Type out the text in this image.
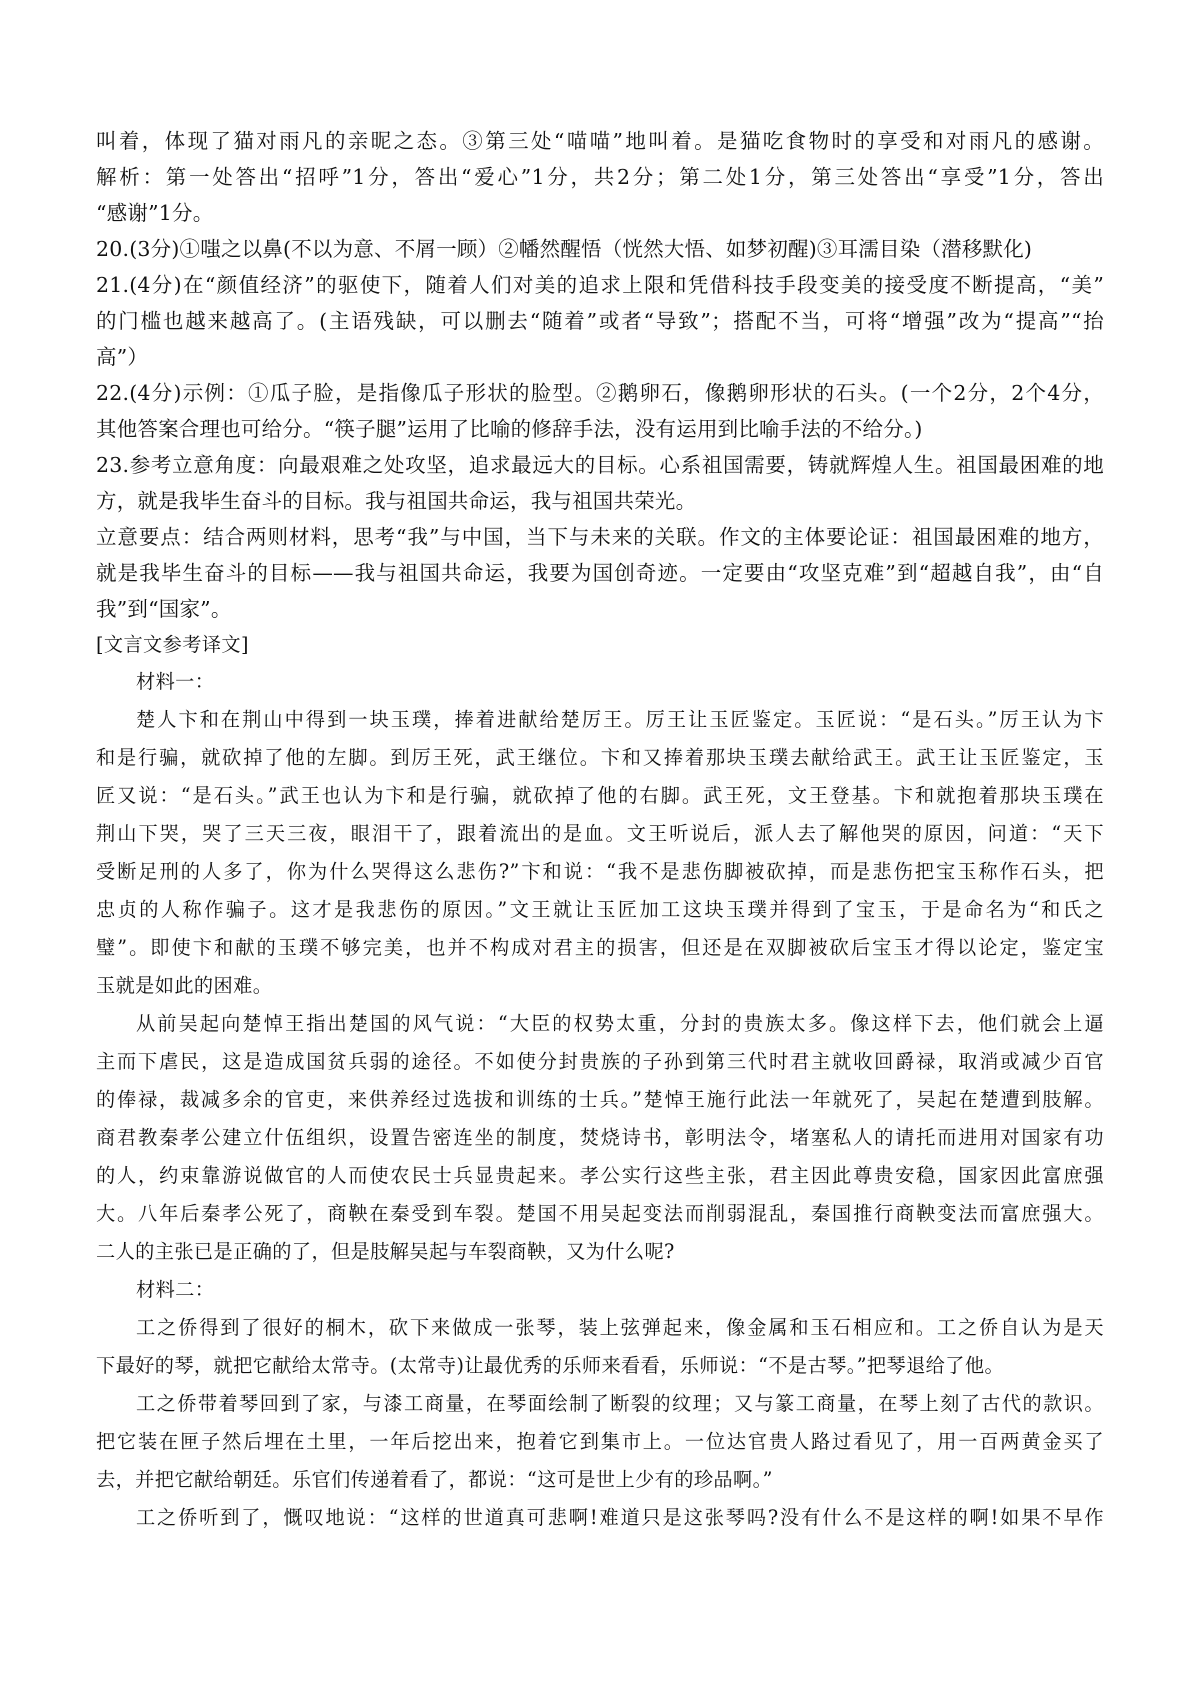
叫着，体现了猫对雨凡的亲昵之态。③第三处“喵喵”地叫着。是猫吃食物时的享受和对雨凡的感谢。
解析：第一处答出“招呼”1分，答出“爱心”1分，共2分；第二处1分，第三处答出“享受”1分，答出
“感谢”1分。
20.(3分)①嗤之以鼻(不以为意、不屑一顾）②幡然醒悟（恍然大悟、如梦初醒)③耳濡目染（潜移默化)
21.(4分)在“颜值经济”的驱使下，随着人们对美的追求上限和凭借科技手段变美的接受度不断提高，“美”
的门槛也越来越高了。(主语残缺，可以删去“随着”或者“导致”；搭配不当，可将“增强”改为“提高”“抬
高”）
22.(4分)示例：①瓜子脸，是指像瓜子形状的脸型。②鹅卵石，像鹅卵形状的石头。(一个2分，2个4分，
其他答案合理也可给分。“筷子腿”运用了比喻的修辞手法，没有运用到比喻手法的不给分。)
23.参考立意角度：向最艰难之处攻坚，追求最远大的目标。心系祖国需要，铸就辉煌人生。祖国最困难的地
方，就是我毕生奋斗的目标。我与祖国共命运，我与祖国共荣光。
立意要点：结合两则材料，思考“我”与中国，当下与未来的关联。作文的主体要论证：祖国最困难的地方，
就是我毕生奋斗的目标——我与祖国共命运，我要为国创奇迹。一定要由“攻坚克难”到“超越自我”，由“自
我”到“国家”。
[文言文参考译文]
材料一：
楚人卞和在荆山中得到一块玉璞，捧着进献给楚厉王。厉王让玉匠鉴定。玉匠说：“是石头。”厉王认为卞
和是行骗，就砍掉了他的左脚。到厉王死，武王继位。卞和又捧着那块玉璞去献给武王。武王让玉匠鉴定，玉
匠又说：“是石头。”武王也认为卞和是行骗，就砍掉了他的右脚。武王死，文王登基。卞和就抱着那块玉璞在
荆山下哭，哭了三天三夜，眼泪干了，跟着流出的是血。文王听说后，派人去了解他哭的原因，问道：“天下
受断足刑的人多了，你为什么哭得这么悲伤?”卞和说：“我不是悲伤脚被砍掉，而是悲伤把宝玉称作石头，把
忠贞的人称作骗子。这才是我悲伤的原因。”文王就让玉匠加工这块玉璞并得到了宝玉，于是命名为“和氏之
璧”。即使卞和献的玉璞不够完美，也并不构成对君主的损害，但还是在双脚被砍后宝玉才得以论定，鉴定宝
玉就是如此的困难。
从前吴起向楚悼王指出楚国的风气说：“大臣的权势太重，分封的贵族太多。像这样下去，他们就会上逼
主而下虐民，这是造成国贫兵弱的途径。不如使分封贵族的子孙到第三代时君主就收回爵禄，取消或减少百官
的俸禄，裁减多余的官吏，来供养经过选拔和训练的士兵。”楚悼王施行此法一年就死了，吴起在楚遭到肢解。
商君教秦孝公建立什伍组织，设置告密连坐的制度，焚烧诗书，彰明法令，堵塞私人的请托而进用对国家有功
的人，约束靠游说做官的人而使农民士兵显贵起来。孝公实行这些主张，君主因此尊贵安稳，国家因此富庶强
大。八年后秦孝公死了，商鞅在秦受到车裂。楚国不用吴起变法而削弱混乱，秦国推行商鞅变法而富庶强大。
二人的主张已是正确的了，但是肢解吴起与车裂商鞅，又为什么呢?
材料二：
工之侨得到了很好的桐木，砍下来做成一张琴，装上弦弹起来，像金属和玉石相应和。工之侨自认为是天
下最好的琴，就把它献给太常寺。(太常寺)让最优秀的乐师来看看，乐师说：“不是古琴。”把琴退给了他。
工之侨带着琴回到了家，与漆工商量，在琴面绘制了断裂的纹理；又与篆工商量，在琴上刻了古代的款识。
把它装在匣子然后埋在土里，一年后挖出来，抱着它到集市上。一位达官贵人路过看见了，用一百两黄金买了
去，并把它献给朝廷。乐官们传递着看了，都说：“这可是世上少有的珍品啊。”
工之侨听到了，慨叹地说：“这样的世道真可悲啊!难道只是这张琴吗?没有什么不是这样的啊!如果不早作
